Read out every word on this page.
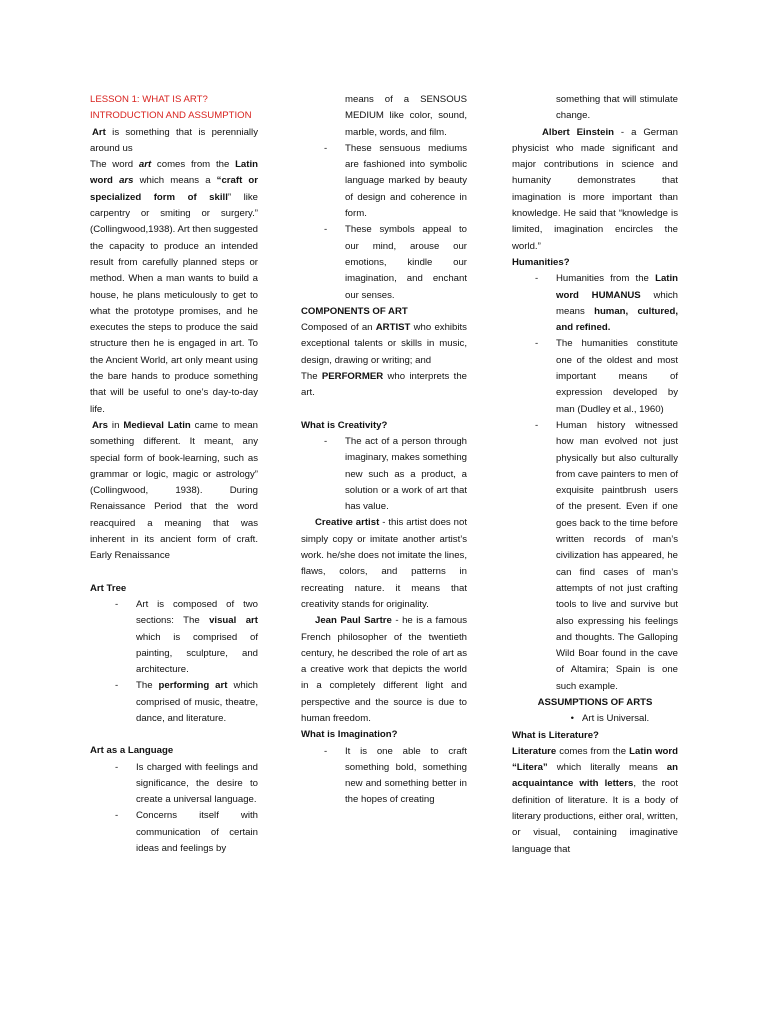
LESSON 1: WHAT IS ART? INTRODUCTION AND ASSUMPTION

Art is something that is perennially around us

The word art comes from the Latin word ars which means a “craft or specialized form of skill” like carpentry or smiting or surgery.” (Collingwood,1938). Art then suggested the capacity to produce an intended result from carefully planned steps or method. When a man wants to build a house, he plans meticulously to get to what the prototype promises, and he executes the steps to produce the said structure then he is engaged in art. To the Ancient World, art only meant using the bare hands to produce something that will be useful to one’s day-to-day life.

Ars in Medieval Latin came to mean something different. It meant, any special form of book-learning, such as grammar or logic, magic or astrology” (Collingwood, 1938). During Renaissance Period that the word reacquired a meaning that was inherent in its ancient form of craft. Early Renaissance

Art Tree

-	Art is composed of two sections: The visual art which is comprised of painting, sculpture, and architecture.
-	The performing art which comprised of music, theatre, dance, and literature.

Art as a Language

-	Is charged with feelings and significance, the desire to create a universal language.
-	Concerns itself with communication of certain ideas and feelings by
means of a SENSOUS MEDIUM like color, sound, marble, words, and film.
-	These sensuous mediums are fashioned into symbolic language marked by beauty of design and coherence in form.
-	These symbols appeal to our mind, arouse our emotions, kindle our imagination, and enchant our senses.

COMPONENTS OF ART

Composed of an ARTIST who exhibits exceptional talents or skills in music, design, drawing or writing; and

The PERFORMER who interprets the art.

What is Creativity?

-	The act of a person through imaginary, makes something new such as a product, a solution or a work of art that has value.

Creative artist - this artist does not simply copy or imitate another artist’s work. he/she does not imitate the lines, flaws, colors, and patterns in recreating nature. it means that creativity stands for originality.

Jean Paul Sartre - he is a famous French philosopher of the twentieth century, he described the role of art as a creative work that depicts the world in a completely different light and perspective and the source is due to human freedom.

What is Imagination?

-	It is one able to craft something bold, something new and something better in the hopes of creating
something that will stimulate change.

Albert Einstein - a German physicist who made significant and major contributions in science and humanity demonstrates that imagination is more important than knowledge. He said that “knowledge is limited, imagination encircles the world.”

Humanities?

-	Humanities from the Latin word HUMANUS which means human, cultured, and refined.
-	The humanities constitute one of the oldest and most important means of expression developed by man (Dudley et al., 1960)
-	Human history witnessed how man evolved not just physically but also culturally from cave painters to men of exquisite paintbrush users of the present. Even if one goes back to the time before written records of man’s civilization has appeared, he can find cases of man’s attempts of not just crafting tools to live and survive but also expressing his feelings and thoughts. The Galloping Wild Boar found in the cave of Altamira; Spain is one such example.

ASSUMPTIONS OF ARTS

• Art is Universal.

What is Literature?

Literature comes from the Latin word “Litera” which literally means an acquaintance with letters, the root definition of literature. It is a body of literary productions, either oral, written, or visual, containing imaginative language that
